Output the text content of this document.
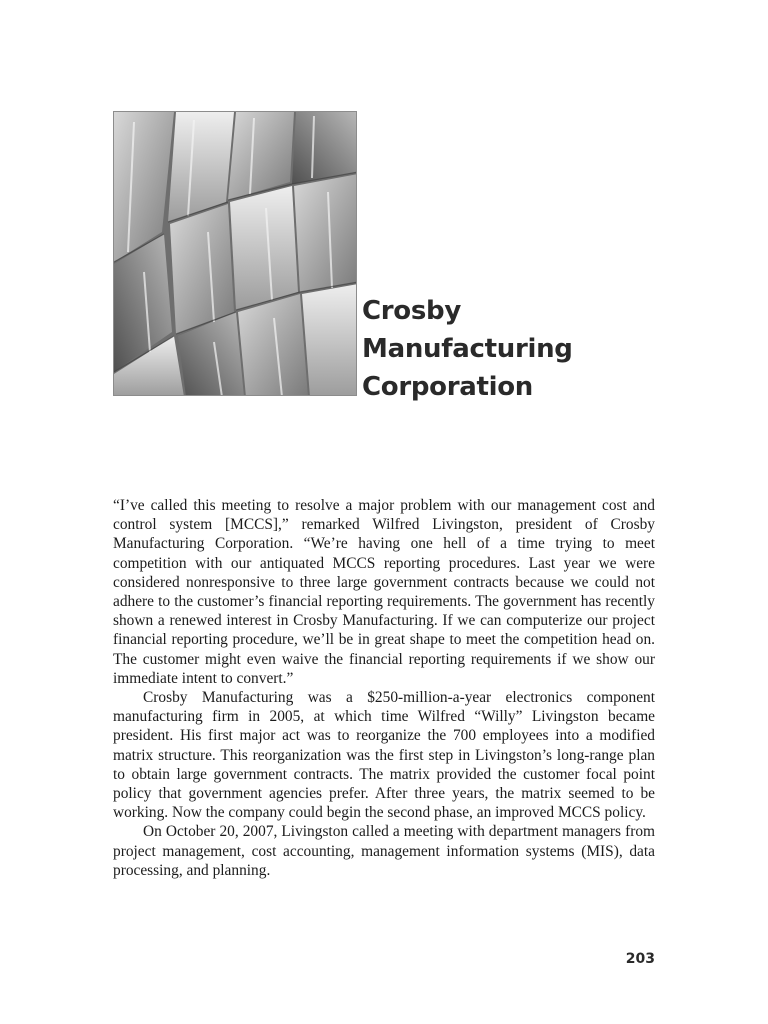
Crosby
Manufacturing
Corporation

“I’ve called this meeting to resolve a major problem with our management cost and control system [MCCS],” remarked Wilfred Livingston, president of Crosby Manufacturing Corporation. “We’re having one hell of a time trying to meet competition with our antiquated MCCS reporting procedures. Last year we were considered nonresponsive to three large government contracts because we could not adhere to the customer’s financial reporting requirements. The government has recently shown a renewed interest in Crosby Manufacturing. If we can computerize our project financial reporting procedure, we’ll be in great shape to meet the competition head on. The customer might even waive the financial reporting requirements if we show our immediate intent to convert.”

Crosby Manufacturing was a $250-million-a-year electronics component manufacturing firm in 2005, at which time Wilfred “Willy” Livingston became president. His first major act was to reorganize the 700 employees into a modified matrix structure. This reorganization was the first step in Livingston’s long-range plan to obtain large government contracts. The matrix provided the customer focal point policy that government agencies prefer. After three years, the matrix seemed to be working. Now the company could begin the second phase, an improved MCCS policy.

On October 20, 2007, Livingston called a meeting with department managers from project management, cost accounting, management information systems (MIS), data processing, and planning.

203
